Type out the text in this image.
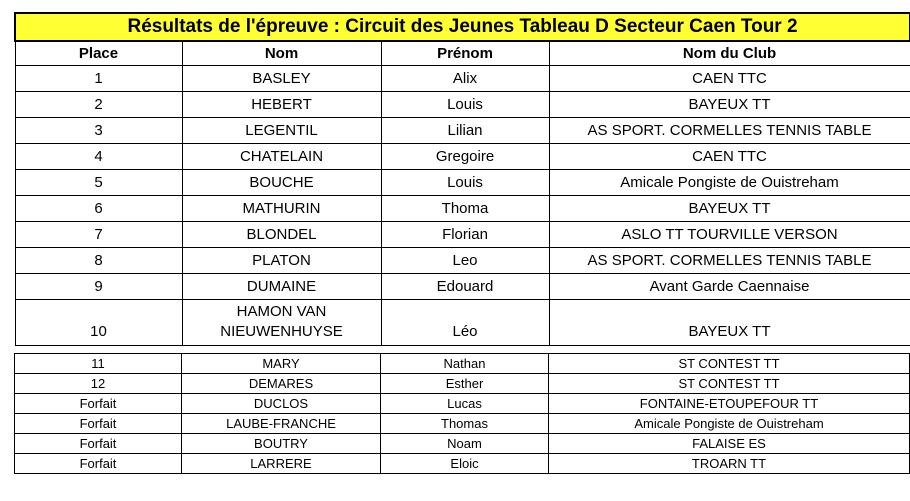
Résultats de l'épreuve : Circuit des Jeunes Tableau D Secteur Caen Tour 2			
Place	Nom	Prénom	Nom du Club
1	BASLEY	Alix	CAEN TTC
2	HEBERT	Louis	BAYEUX TT
3	LEGENTIL	Lilian	AS SPORT. CORMELLES TENNIS TABLE
4	CHATELAIN	Gregoire	CAEN TTC
5	BOUCHE	Louis	Amicale Pongiste de Ouistreham
6	MATHURIN	Thoma	BAYEUX TT
7	BLONDEL	Florian	ASLO TT TOURVILLE VERSON
8	PLATON	Leo	AS SPORT. CORMELLES TENNIS TABLE
9	DUMAINE	Edouard	Avant Garde Caennaise
10	HAMON VAN NIEUWENHUYSE	Léo	BAYEUX TT
11	MARY	Nathan	ST CONTEST TT
12	DEMARES	Esther	ST CONTEST TT
Forfait	DUCLOS	Lucas	FONTAINE-ETOUPEFOUR TT
Forfait	LAUBE-FRANCHE	Thomas	Amicale Pongiste de Ouistreham
Forfait	BOUTRY	Noam	FALAISE ES
Forfait	LARRERE	Eloic	TROARN TT
